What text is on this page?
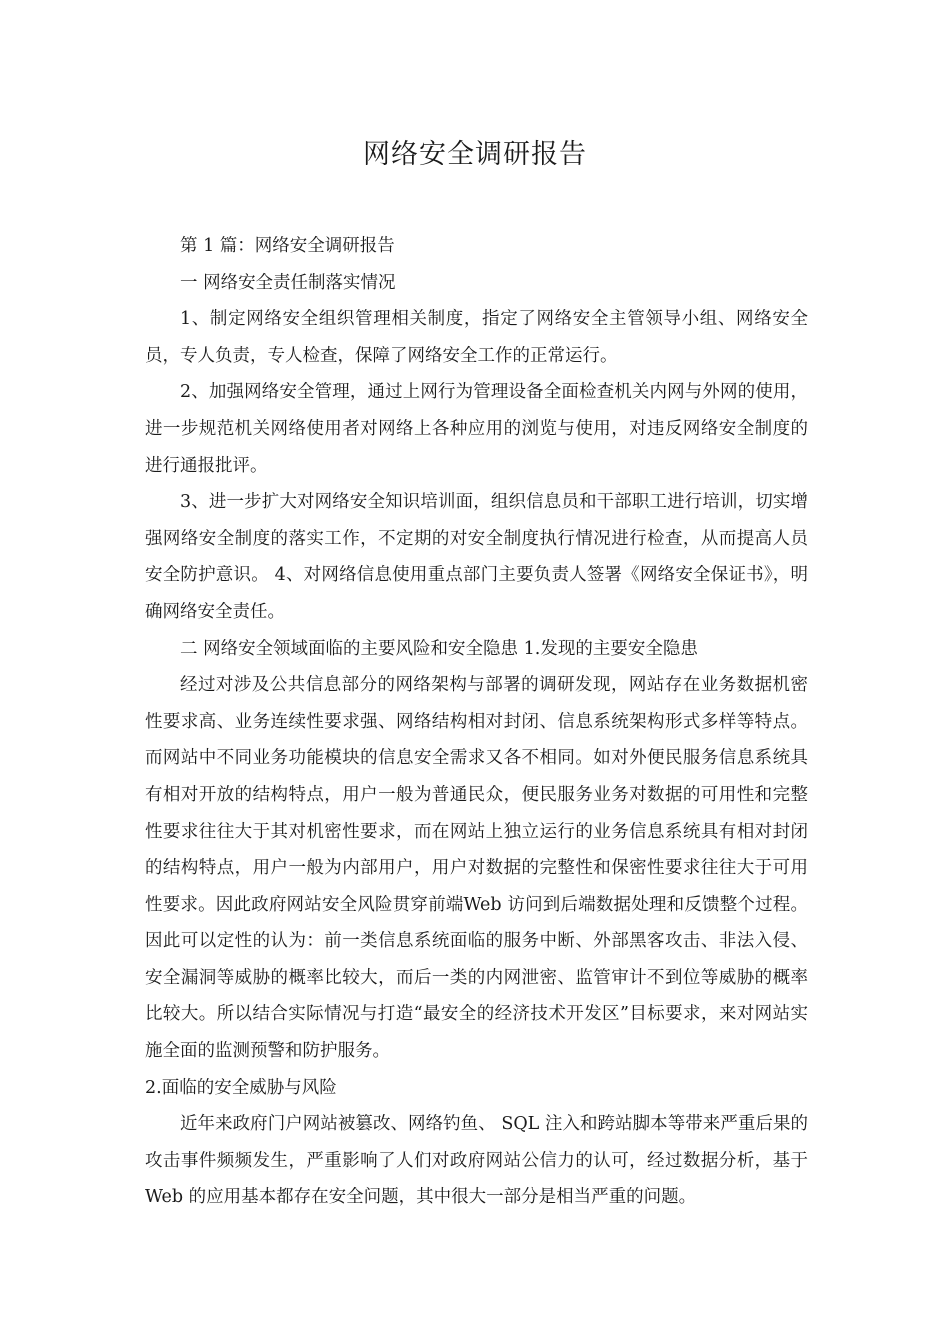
网络安全调研报告

第 1 篇：网络安全调研报告

一 网络安全责任制落实情况

1、制定网络安全组织管理相关制度，指定了网络安全主管领导小组、网络安全员，专人负责，专人检查，保障了网络安全工作的正常运行。

2、加强网络安全管理，通过上网行为管理设备全面检查机关内网与外网的使用，进一步规范机关网络使用者对网络上各种应用的浏览与使用，对违反网络安全制度的进行通报批评。

3、进一步扩大对网络安全知识培训面，组织信息员和干部职工进行培训，切实增强网络安全制度的落实工作，不定期的对安全制度执行情况进行检查，从而提高人员安全防护意识。 4、对网络信息使用重点部门主要负责人签署《网络安全保证书》，明确网络安全责任。

二 网络安全领域面临的主要风险和安全隐患 1.发现的主要安全隐患

经过对涉及公共信息部分的网络架构与部署的调研发现，网站存在业务数据机密性要求高、业务连续性要求强、网络结构相对封闭、信息系统架构形式多样等特点。而网站中不同业务功能模块的信息安全需求又各不相同。如对外便民服务信息系统具有相对开放的结构特点，用户一般为普通民众，便民服务业务对数据的可用性和完整性要求往往大于其对机密性要求，而在网站上独立运行的业务信息系统具有相对封闭的结构特点，用户一般为内部用户，用户对数据的完整性和保密性要求往往大于可用性要求。因此政府网站安全风险贯穿前端Web 访问到后端数据处理和反馈整个过程。因此可以定性的认为：前一类信息系统面临的服务中断、外部黑客攻击、非法入侵、安全漏洞等威胁的概率比较大，而后一类的内网泄密、监管审计不到位等威胁的概率比较大。所以结合实际情况与打造“最安全的经济技术开发区”目标要求，来对网站实施全面的监测预警和防护服务。

2.面临的安全威胁与风险

近年来政府门户网站被篡改、网络钓鱼、 SQL 注入和跨站脚本等带来严重后果的攻击事件频频发生，严重影响了人们对政府网站公信力的认可，经过数据分析，基于 Web 的应用基本都存在安全问题，其中很大一部分是相当严重的问题。
